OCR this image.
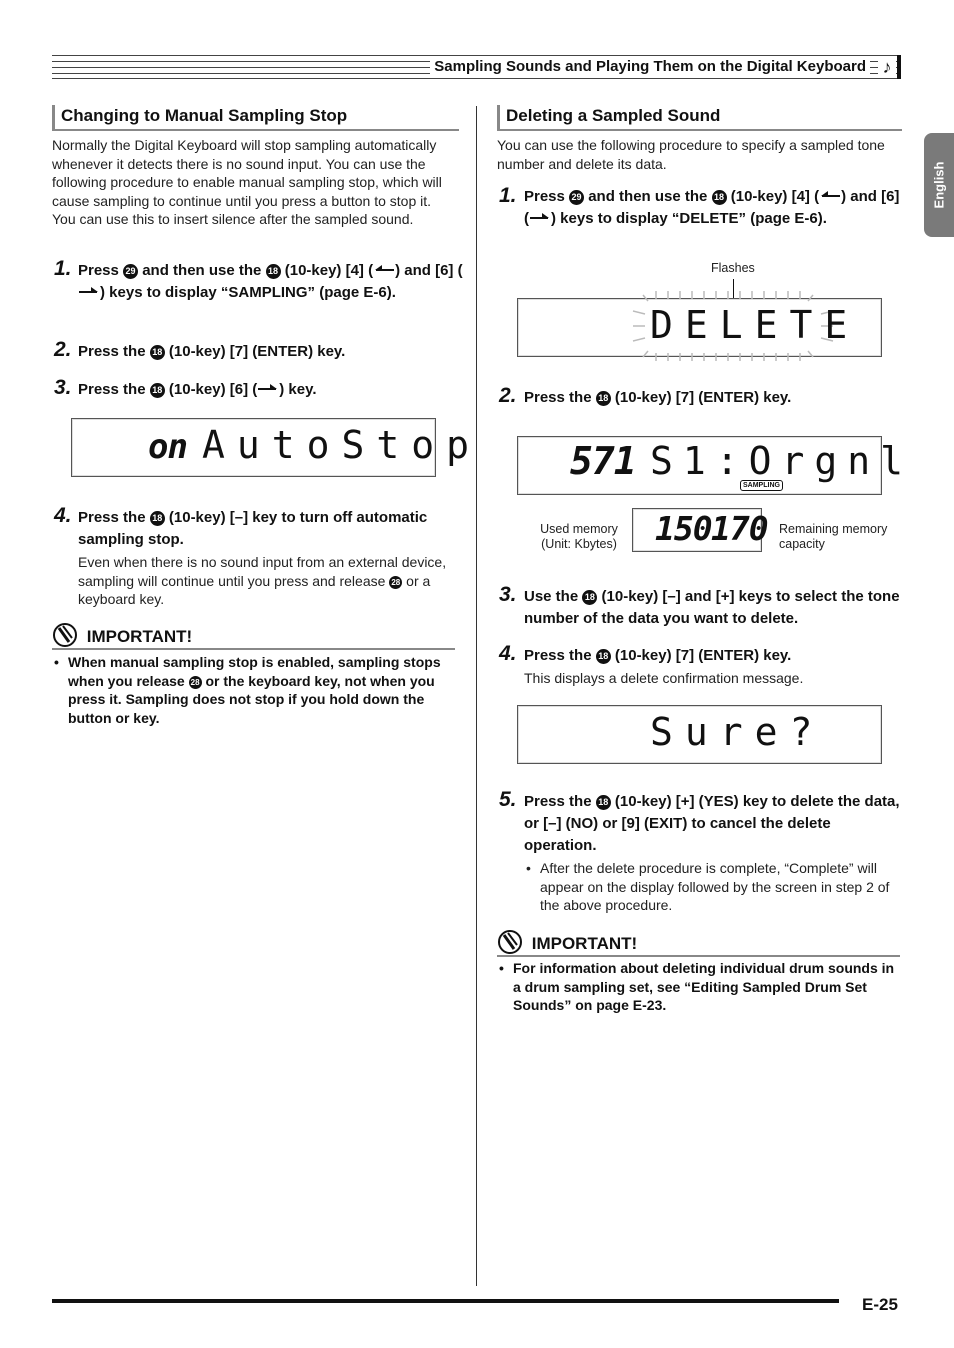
Sampling Sounds and Playing Them on the Digital Keyboard ♪
English
Changing to Manual Sampling Stop
Normally the Digital Keyboard will stop sampling automatically whenever it detects there is no sound input. You can use the following procedure to enable manual sampling stop, which will cause sampling to continue until you press a button to stop it. You can use this to insert silence after the sampled sound.
1. Press 29 and then use the 18 (10-key) [4] ( ) and [6] () keys to display “SAMPLING” (page E-6).
2. Press the 18 (10-key) [7] (ENTER) key.
3. Press the 18 (10-key) [6] ( ) key.
on AutoStop
4. Press the 18 (10-key) [–] key to turn off automatic sampling stop.
Even when there is no sound input from an external device, sampling will continue until you press and release 28 or a keyboard key.
IMPORTANT!
• When manual sampling stop is enabled, sampling stops when you release 28 or the keyboard key, not when you press it. Sampling does not stop if you hold down the button or key.
Deleting a Sampled Sound
You can use the following procedure to specify a sampled tone number and delete its data.
1. Press 29 and then use the 18 (10-key) [4] ( ) and [6] ( ) keys to display “DELETE” (page E-6).
Flashes
DELETE
2. Press the 18 (10-key) [7] (ENTER) key.
571 S1:Orgnl
SAMPLING
Used memory
(Unit: Kbytes) 150 170 Remaining memory
capacity
3. Use the 18 (10-key) [–] and [+] keys to select the tone number of the data you want to delete.
4. Press the 18 (10-key) [7] (ENTER) key.
This displays a delete confirmation message.
Sure?
5. Press the 18 (10-key) [+] (YES) key to delete the data, or [–] (NO) or [9] (EXIT) to cancel the delete operation.
• After the delete procedure is complete, “Complete” will appear on the display followed by the screen in step 2 of the above procedure.
IMPORTANT!
• For information about deleting individual drum sounds in a drum sampling set, see “Editing Sampled Drum Set Sounds” on page E-23.
E-25
